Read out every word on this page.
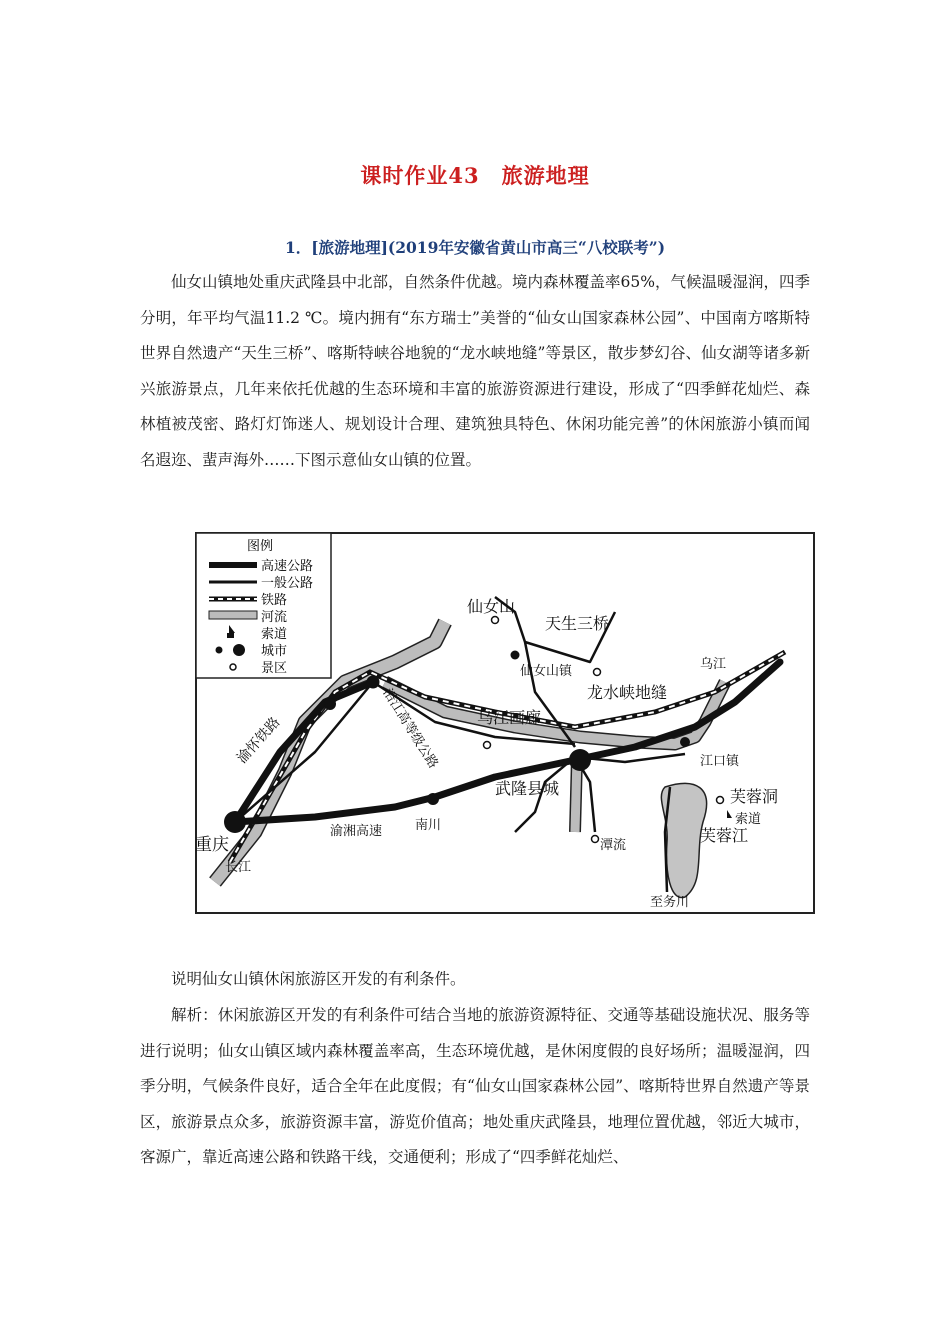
课时作业43　旅游地理
1．[旅游地理](2019年安徽省黄山市高三“八校联考”)
仙女山镇地处重庆武隆县中北部，自然条件优越。境内森林覆盖率65%，气候温暖湿润，四季分明，年平均气温11.2 ℃。境内拥有“东方瑞士”美誉的“仙女山国家森林公园”、中国南方喀斯特世界自然遗产“天生三桥”、喀斯特峡谷地貌的“龙水峡地缝”等景区，散步梦幻谷、仙女湖等诸多新兴旅游景点，几年来依托优越的生态环境和丰富的旅游资源进行建设，形成了“四季鲜花灿烂、森林植被茂密、路灯灯饰迷人、规划设计合理、建筑独具特色、休闲功能完善”的休闲旅游小镇而闻名遐迩、蜚声海外……下图示意仙女山镇的位置。
图例
高速公路
一般公路
铁路
河流
索道
城市
景区
仙女山
天生三桥
仙女山镇
龙水峡地缝
乌江
乌江画廊
渝怀铁路	沿江高等级公路
武隆县城
江口镇
芙蓉洞
索道
芙蓉江
重庆
长江
渝湘高速	南川
潭流
至务川
说明仙女山镇休闲旅游区开发的有利条件。
解析：休闲旅游区开发的有利条件可结合当地的旅游资源特征、交通等基础设施状况、服务等进行说明；仙女山镇区域内森林覆盖率高，生态环境优越，是休闲度假的良好场所；温暖湿润，四季分明，气候条件良好，适合全年在此度假；有“仙女山国家森林公园”、喀斯特世界自然遗产等景区，旅游景点众多，旅游资源丰富，游览价值高；地处重庆武隆县，地理位置优越，邻近大城市，客源广，靠近高速公路和铁路干线，交通便利；形成了“四季鲜花灿烂、
